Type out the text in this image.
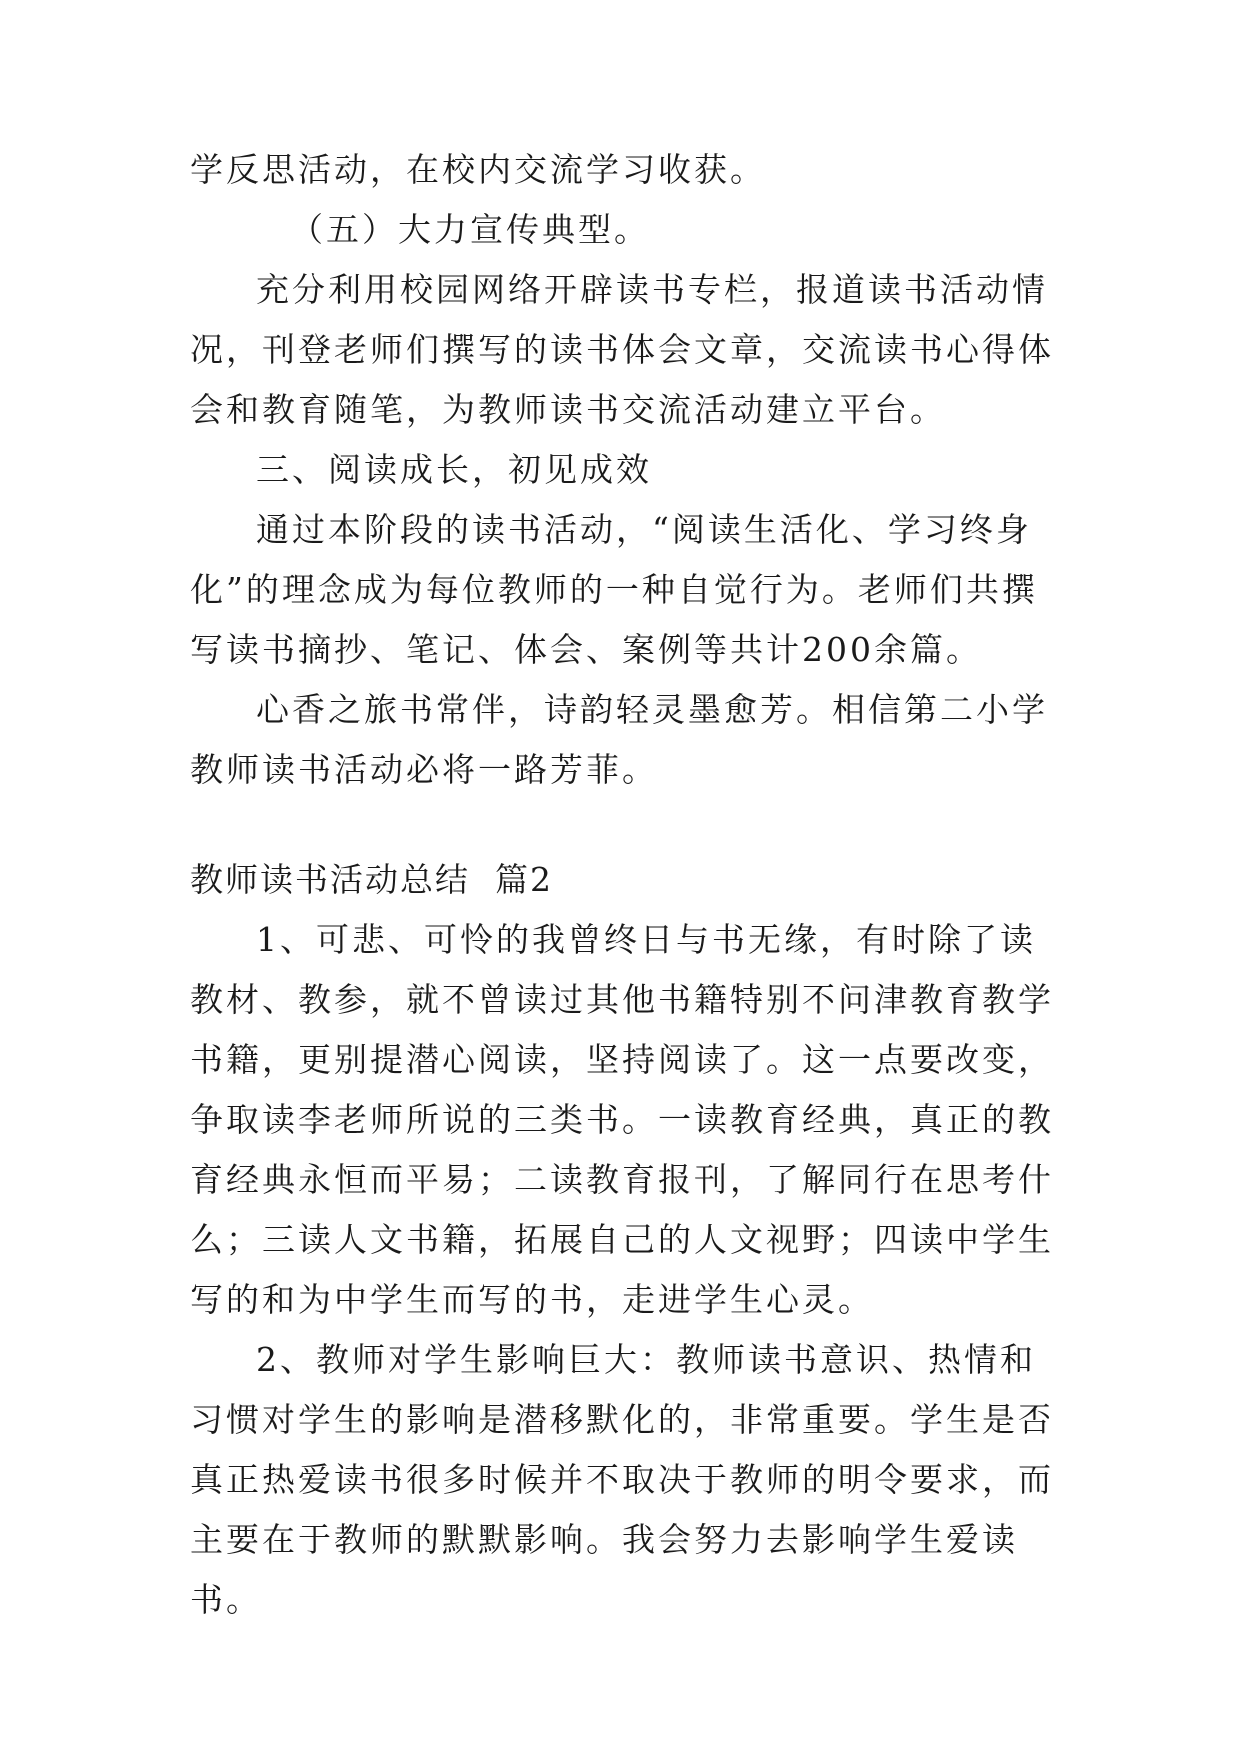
学反思活动，在校内交流学习收获。

（五）大力宣传典型。

充分利用校园网络开辟读书专栏，报道读书活动情况，刊登老师们撰写的读书体会文章，交流读书心得体会和教育随笔，为教师读书交流活动建立平台。

三、阅读成长，初见成效

通过本阶段的读书活动，“阅读生活化、学习终身化”的理念成为每位教师的一种自觉行为。老师们共撰写读书摘抄、笔记、体会、案例等共计200余篇。

心香之旅书常伴，诗韵轻灵墨愈芳。相信第二小学教师读书活动必将一路芳菲。

教师读书活动总结  篇2

1、可悲、可怜的我曾终日与书无缘，有时除了读教材、教参，就不曾读过其他书籍特别不问津教育教学书籍，更别提潜心阅读，坚持阅读了。这一点要改变，争取读李老师所说的三类书。一读教育经典，真正的教育经典永恒而平易；二读教育报刊，了解同行在思考什么；三读人文书籍，拓展自己的人文视野；四读中学生写的和为中学生而写的书，走进学生心灵。

2、教师对学生影响巨大：教师读书意识、热情和习惯对学生的影响是潜移默化的，非常重要。学生是否真正热爱读书很多时候并不取决于教师的明令要求，而主要在于教师的默默影响。我会努力去影响学生爱读书。
